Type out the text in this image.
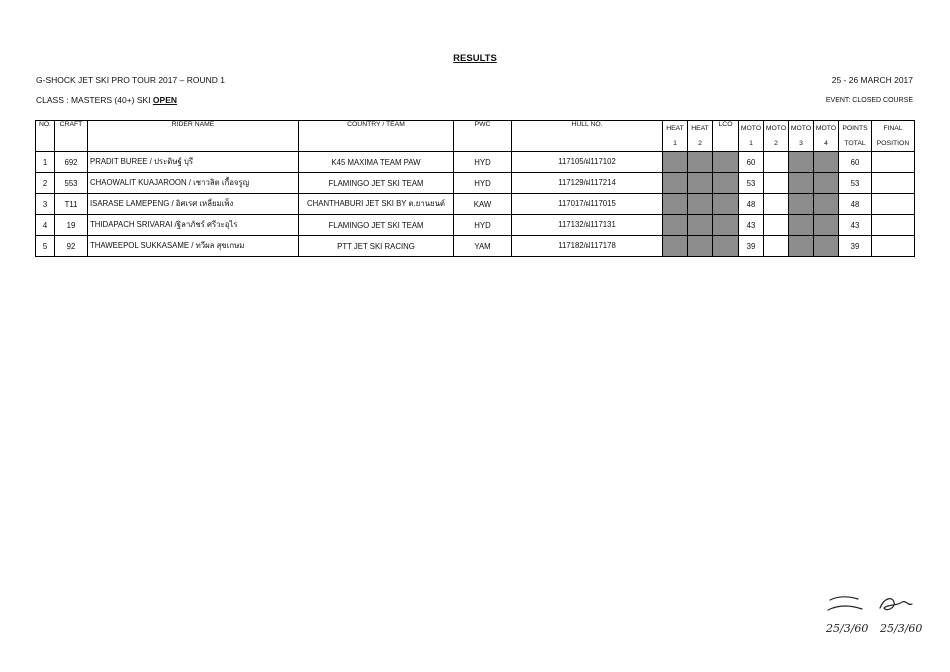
RESULTS
G-SHOCK JET SKI PRO TOUR 2017 – ROUND 1	25 - 26 MARCH 2017
CLASS : MASTERS (40+) SKI OPEN	EVENT: CLOSED COURSE
NO.	CRAFT	RIDER NAME	COUNTRY / TEAM	PWC	HULL NO.	HEAT	HEAT	LCO	MOTO	MOTO	MOTO	MOTO	POINTS	FINAL
						1	2		1	2	3	4	TOTAL	POSITION
1	692	PRADIT BUREE / ประดิษฐ์ บุรี	K45 MAXIMA TEAM PAW	HYD	117105/ฝ117102				60				60	
2	553	CHAOWALIT KUAJAROON / เชาวลิต เกื้อจรูญ	FLAMINGO JET SKI TEAM	HYD	117129/ฝ117214				53				53	
3	T11	ISARASE LAMEPENG / อิศเรศ เหลี่ยมเพ็ง	CHANTHABURI JET SKI BY ต.ยานยนต์	KAW	117017/ฝ117015				48				48	
4	19	THIDAPACH SRIVARAI /ฐิลาภัชร์ ศรีวะอุไร	FLAMINGO JET SKI TEAM	HYD	117132/ฝ117131				43				43	
5	92	THAWEEPOL SUKKASAME / ทวีผล สุขเกษม	PTT JET SKI RACING	YAM	117182/ฝ117178				39				39	
25/3/60 25/3/60
